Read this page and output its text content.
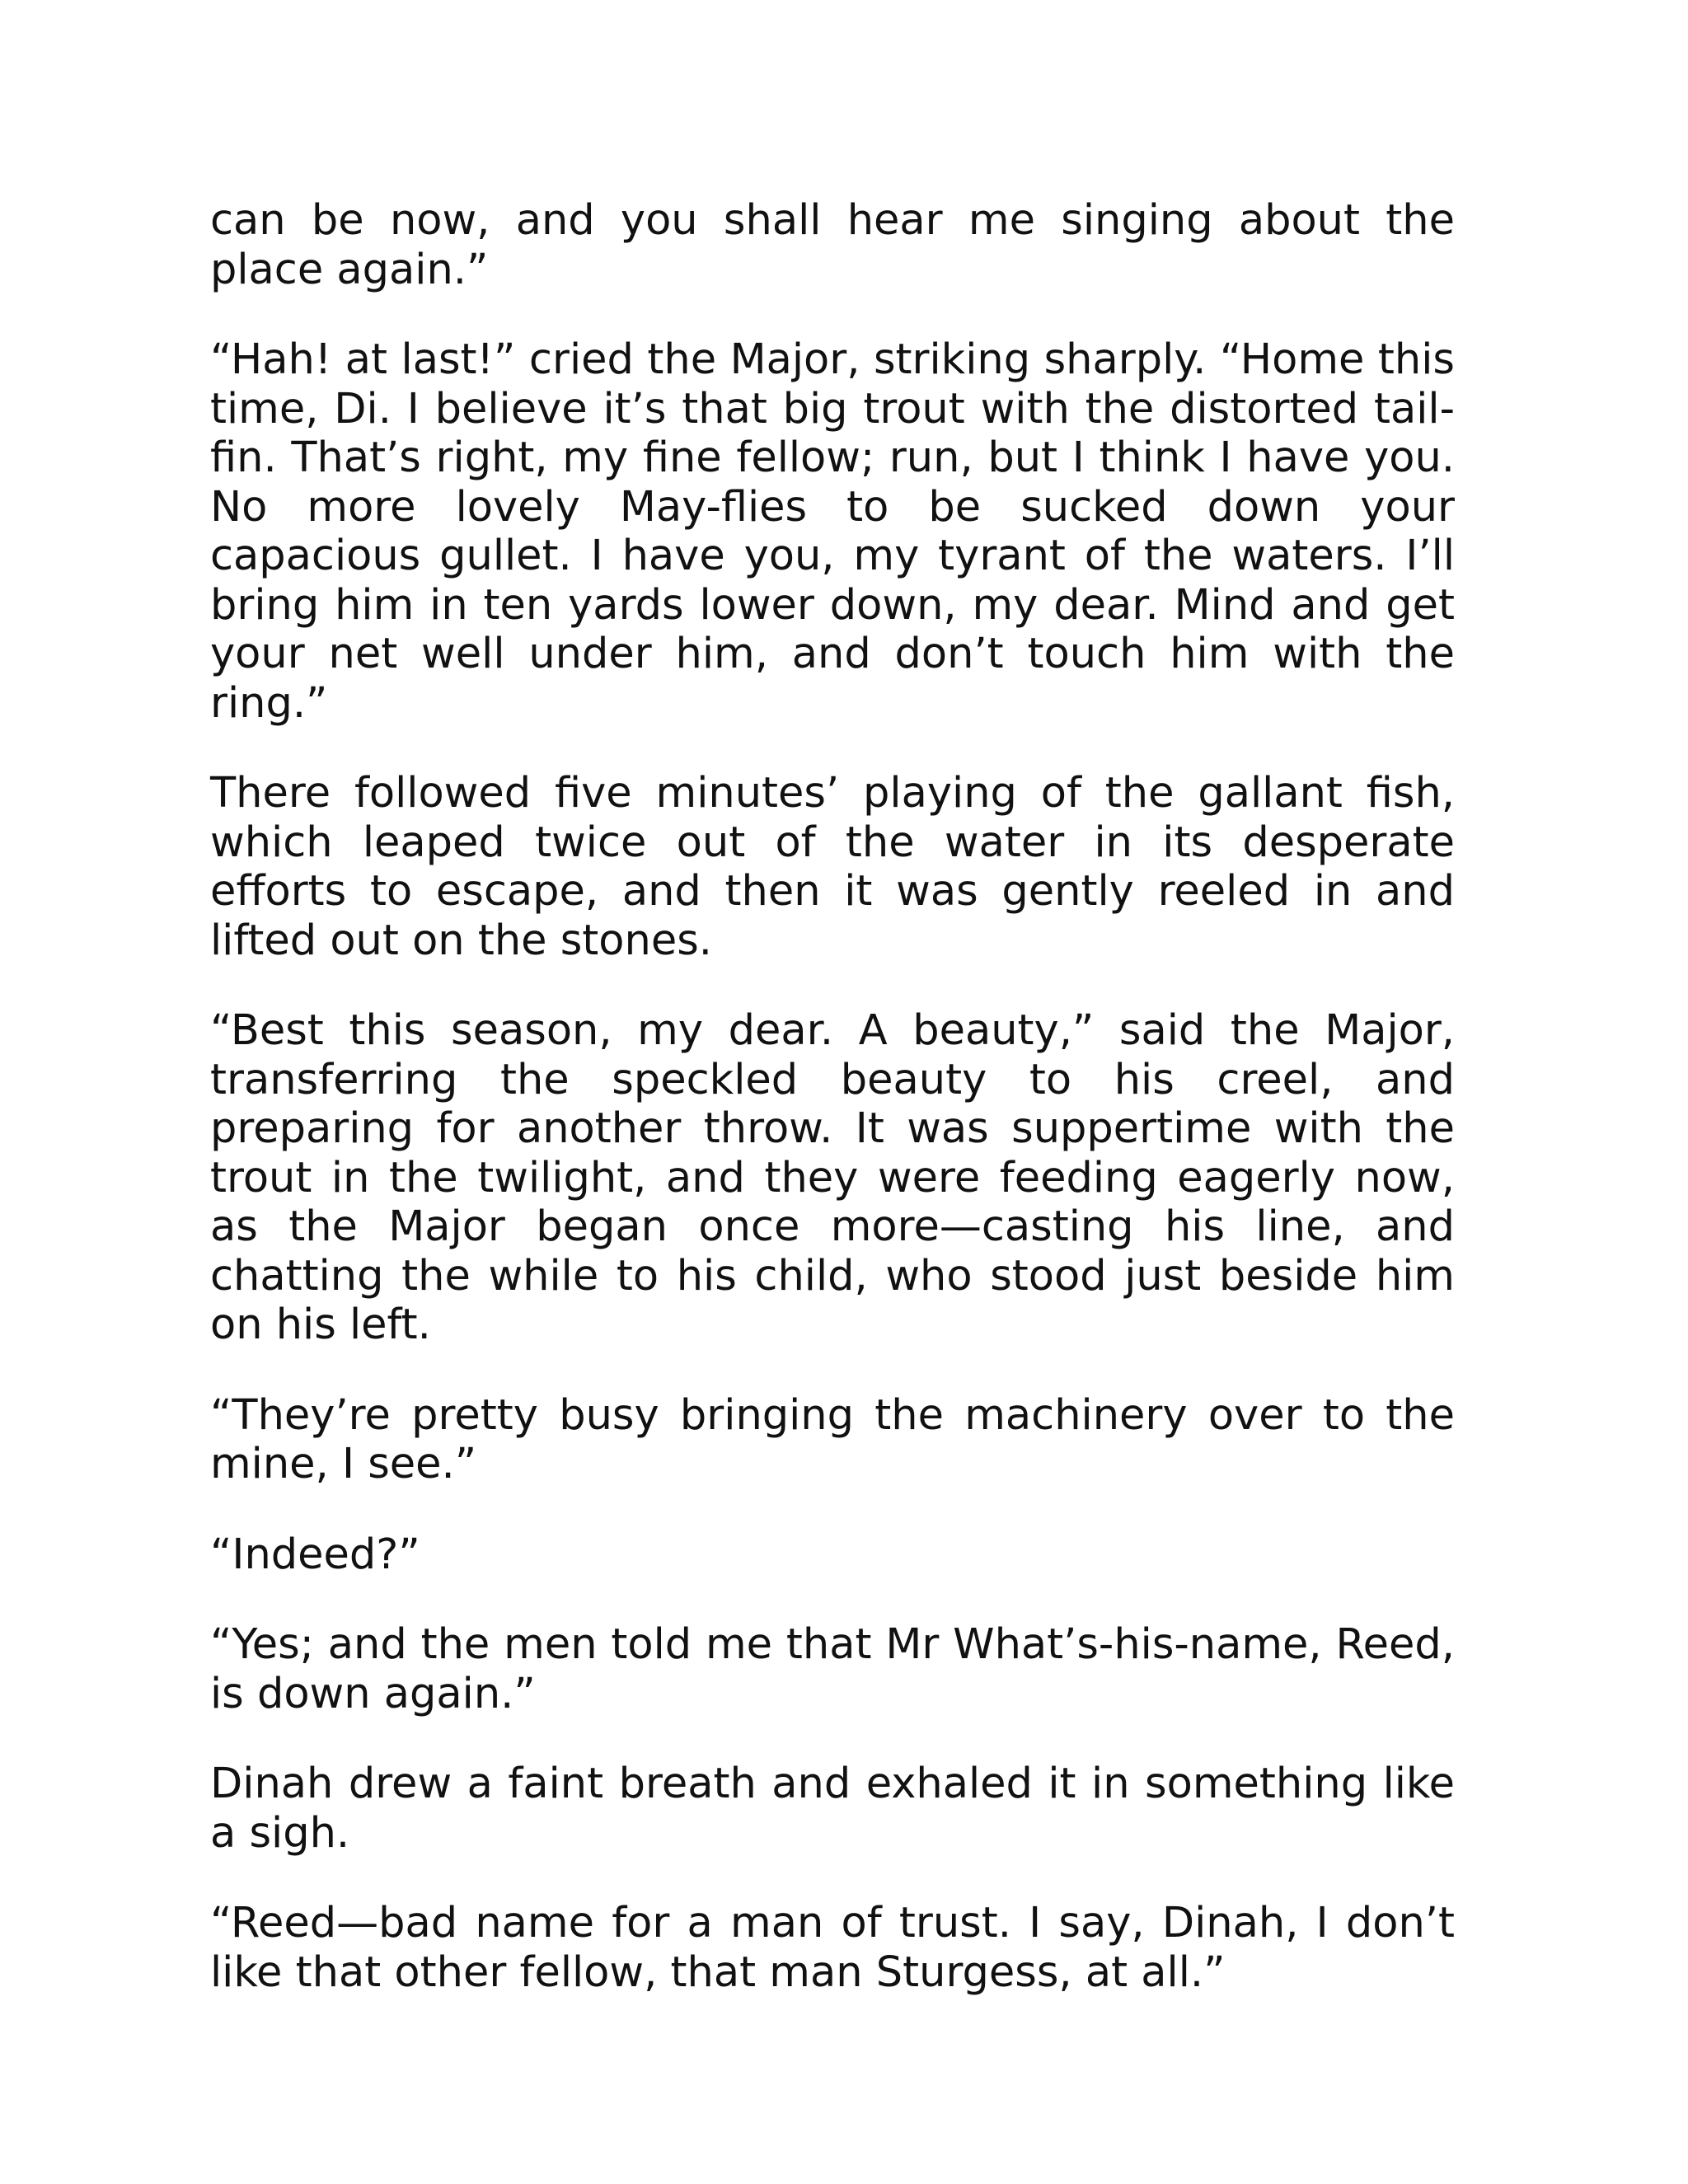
can be now, and you shall hear me singing about the place again.”

“Hah! at last!” cried the Major, striking sharply. “Home this time, Di. I believe it’s that big trout with the distorted tail-fin. That’s right, my fine fellow; run, but I think I have you. No more lovely May-flies to be sucked down your capacious gullet. I have you, my tyrant of the waters. I’ll bring him in ten yards lower down, my dear. Mind and get your net well under him, and don’t touch him with the ring.”

There followed five minutes’ playing of the gallant fish, which leaped twice out of the water in its desperate efforts to escape, and then it was gently reeled in and lifted out on the stones.

“Best this season, my dear. A beauty,” said the Major, transferring the speckled beauty to his creel, and preparing for another throw. It was suppertime with the trout in the twilight, and they were feeding eagerly now, as the Major began once more—casting his line, and chatting the while to his child, who stood just beside him on his left.

“They’re pretty busy bringing the machinery over to the mine, I see.”

“Indeed?”

“Yes; and the men told me that Mr What’s-his-name, Reed, is down again.”

Dinah drew a faint breath and exhaled it in something like a sigh.

“Reed—bad name for a man of trust. I say, Dinah, I don’t like that other fellow, that man Sturgess, at all.”
